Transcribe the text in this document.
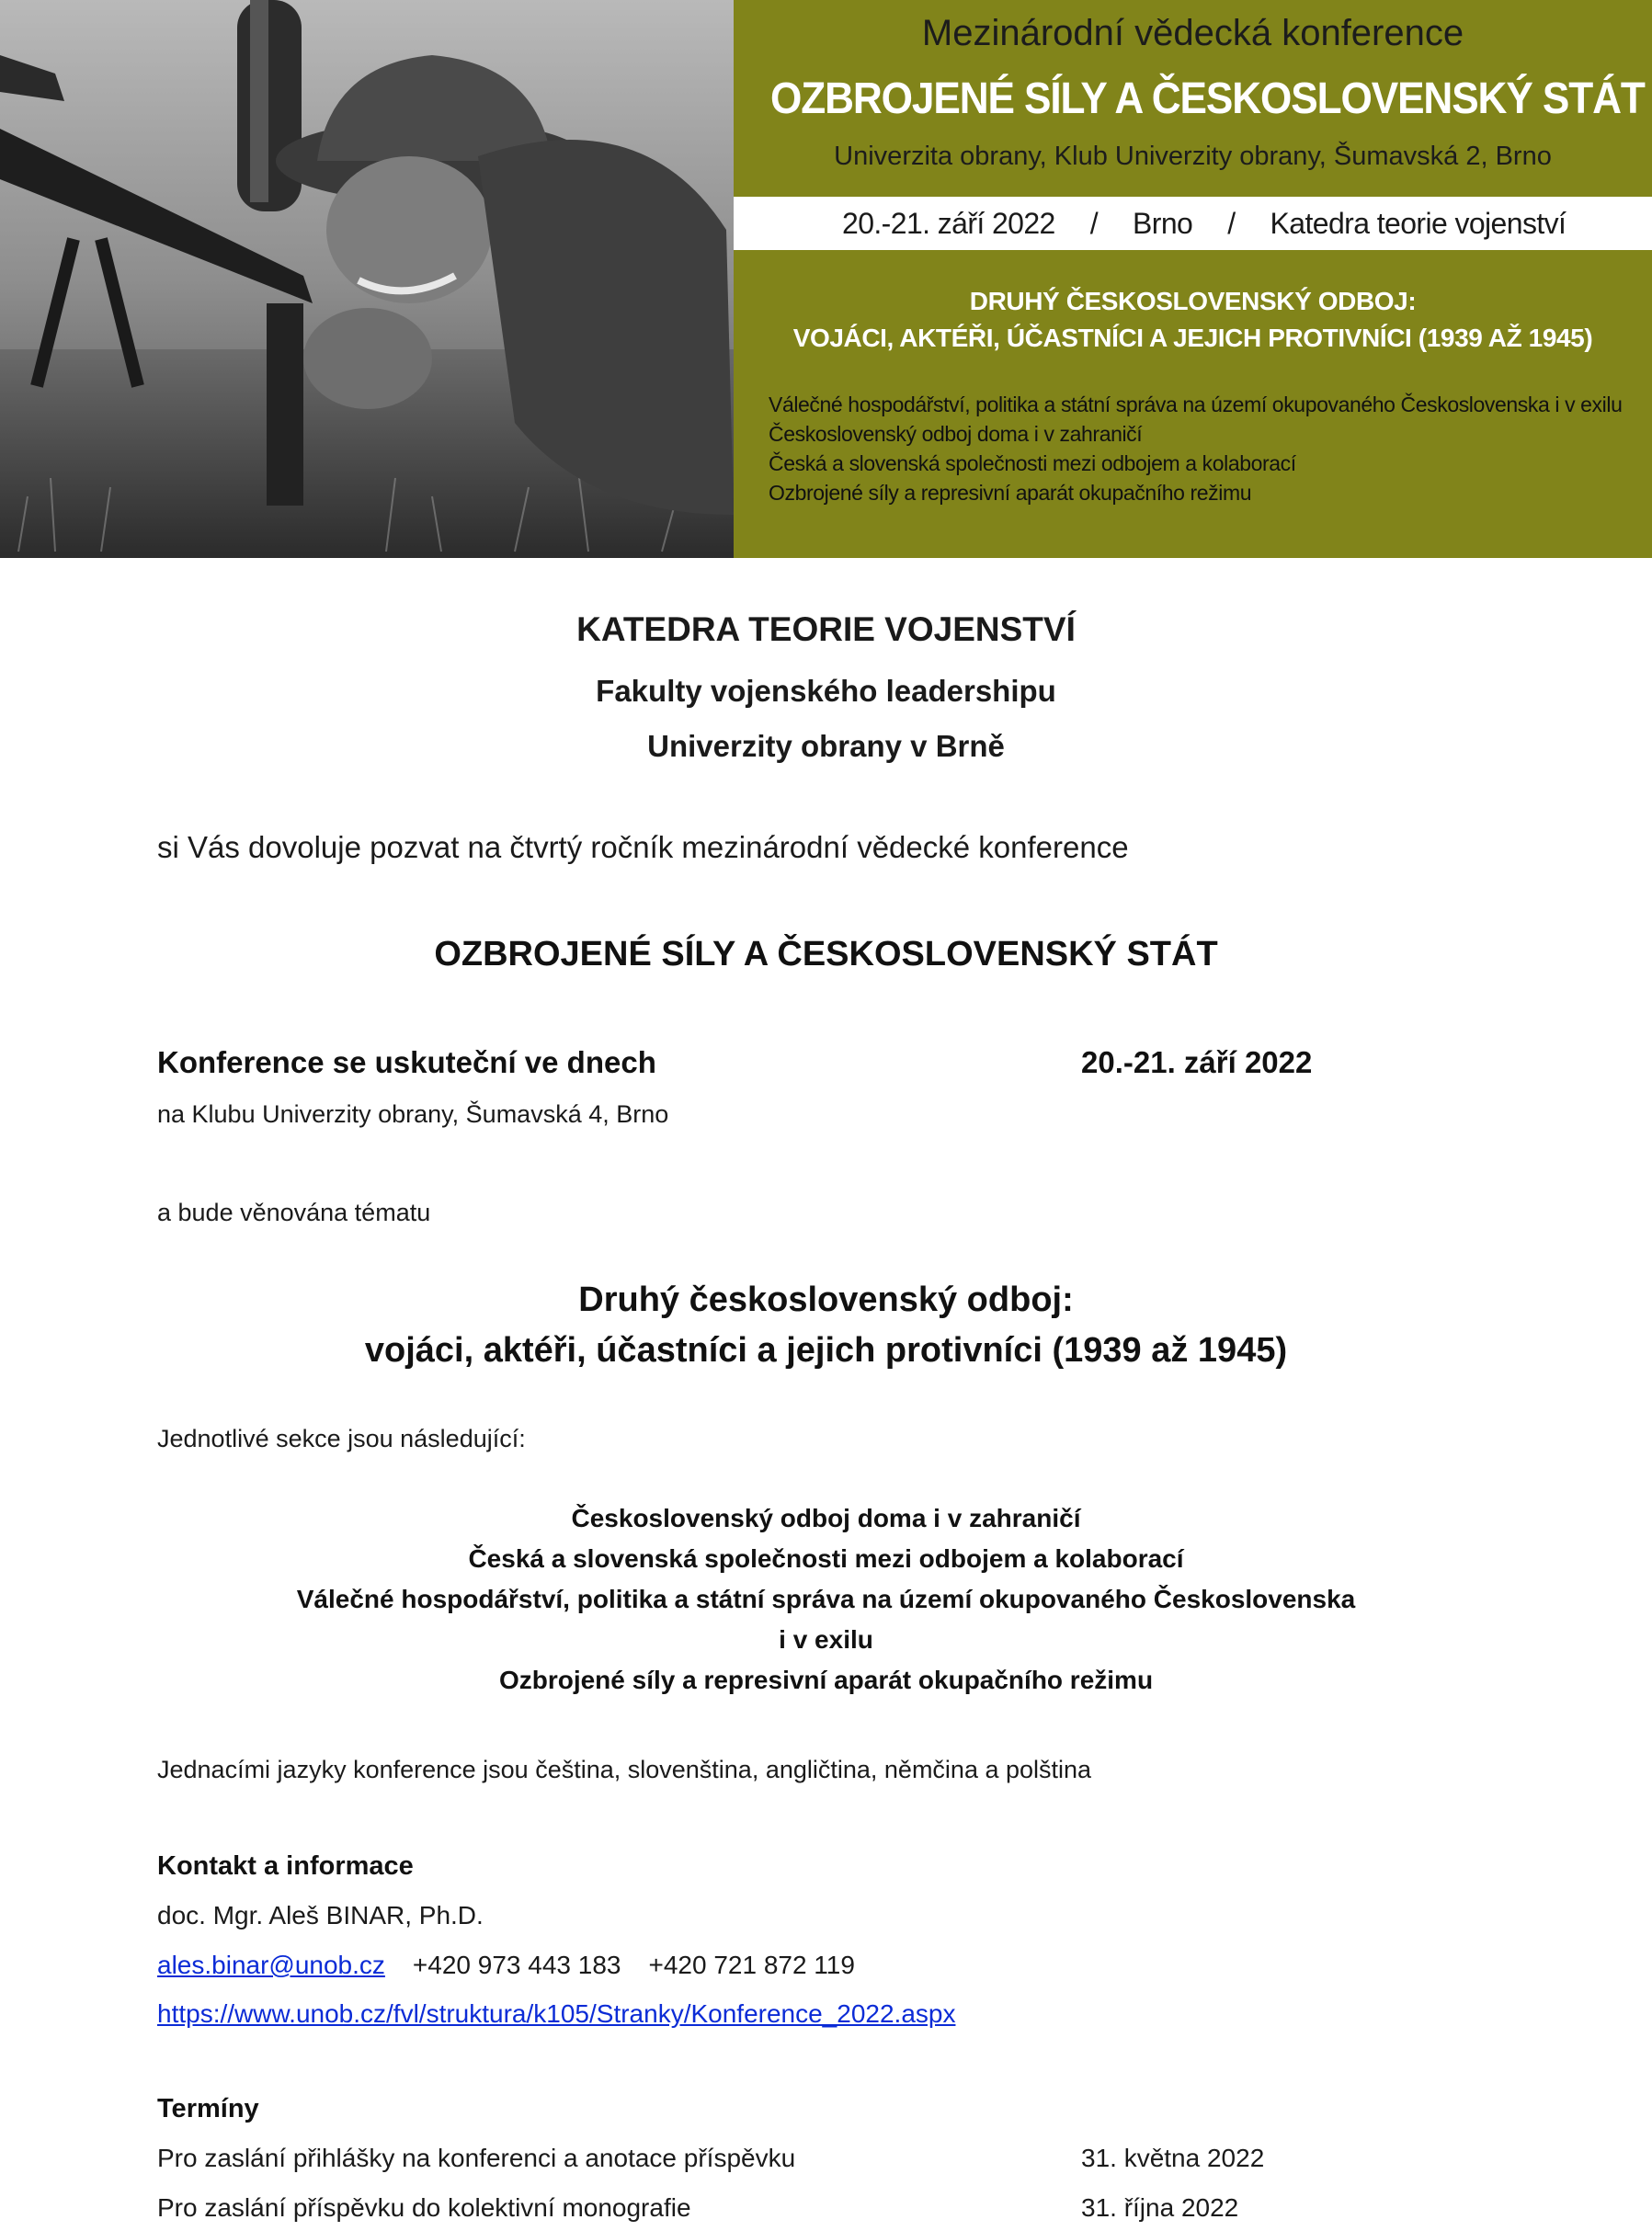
Mezinárodní vědecká konference
OZBROJENÉ SÍLY A ČESKOSLOVENSKÝ STÁT
Univerzita obrany, Klub Univerzity obrany, Šumavská 2, Brno
20.-21. září 2022 / Brno / Katedra teorie vojenství
DRUHÝ ČESKOSLOVENSKÝ ODBOJ:
VOJÁCI, AKTÉŘI, ÚČASTNÍCI A JEJICH PROTIVNÍCI (1939 AŽ 1945)
Válečné hospodářství, politika a státní správa na území okupovaného Československa i v exilu
Československý odboj doma i v zahraničí
Česká a slovenská společnosti mezi odbojem a kolaborací
Ozbrojené síly a represivní aparát okupačního režimu
KATEDRA TEORIE VOJENSTVÍ
Fakulty vojenského leadershipu
Univerzity obrany v Brně
si Vás dovoluje pozvat na čtvrtý ročník mezinárodní vědecké konference
OZBROJENÉ SÍLY A ČESKOSLOVENSKÝ STÁT
Konference se uskuteční ve dnech	20.-21. září 2022
na Klubu Univerzity obrany, Šumavská 4, Brno
a bude věnována tématu
Druhý československý odboj:
vojáci, aktéři, účastníci a jejich protivníci (1939 až 1945)
Jednotlivé sekce jsou následující:
Československý odboj doma i v zahraničí
Česká a slovenská společnosti mezi odbojem a kolaborací
Válečné hospodářství, politika a státní správa na území okupovaného Československa
i v exilu
Ozbrojené síly a represivní aparát okupačního režimu
Jednacími jazyky konference jsou čeština, slovenština, angličtina, němčina a polština
Kontakt a informace
doc. Mgr. Aleš BINAR, Ph.D.
ales.binar@unob.cz +420 973 443 183 +420 721 872 119
https://www.unob.cz/fvl/struktura/k105/Stranky/Konference_2022.aspx
Termíny
Pro zaslání přihlášky na konferenci a anotace příspěvku	31. května 2022
Pro zaslání příspěvku do kolektivní monografie	31. října 2022
